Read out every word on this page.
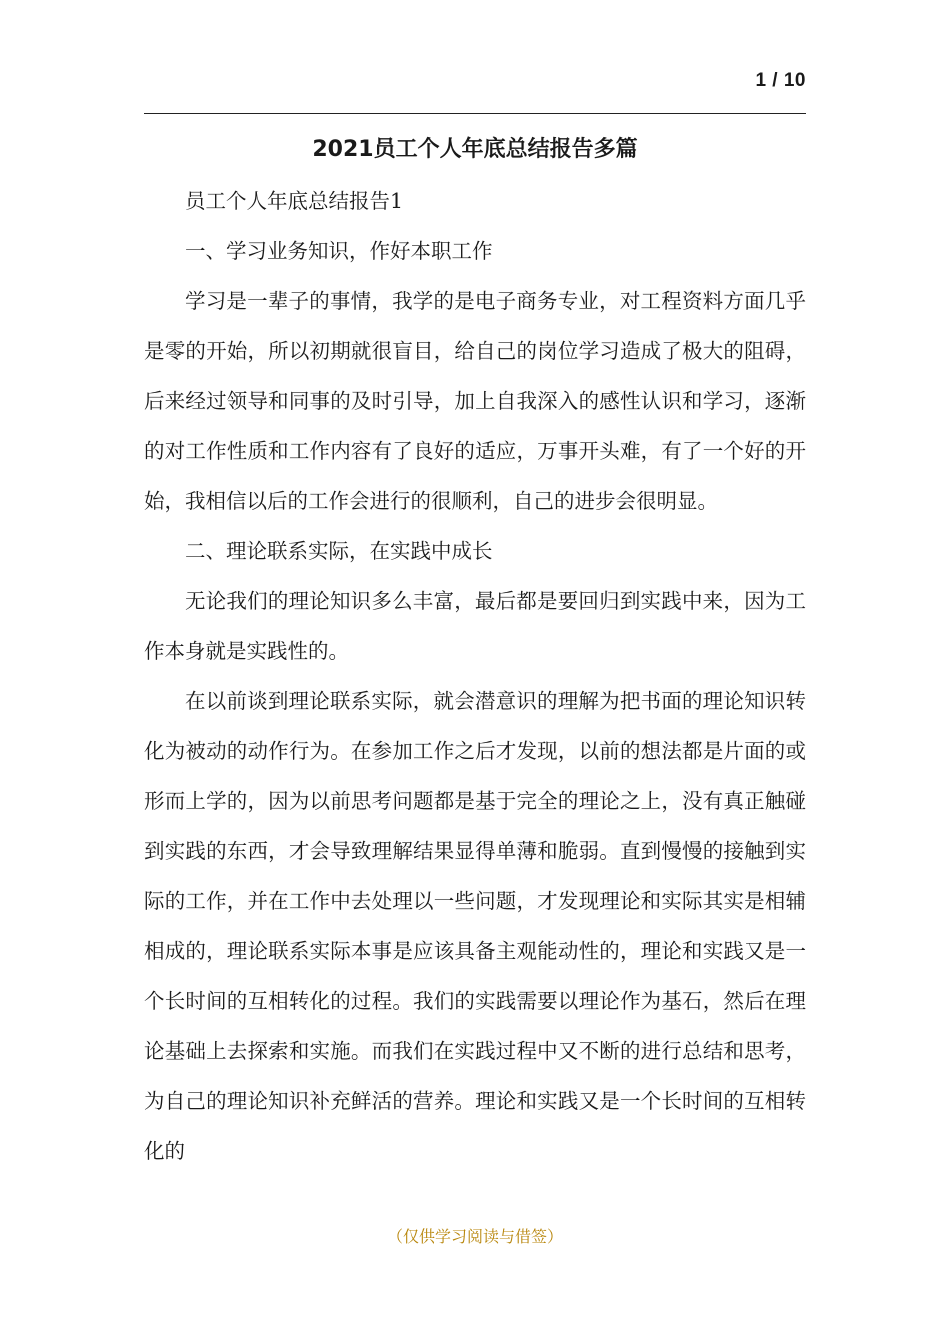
1 / 10
2021员工个人年底总结报告多篇

员工个人年底总结报告1

一、学习业务知识，作好本职工作

学习是一辈子的事情，我学的是电子商务专业，对工程资料方面几乎是零的开始，所以初期就很盲目，给自己的岗位学习造成了极大的阻碍，后来经过领导和同事的及时引导，加上自我深入的感性认识和学习，逐渐的对工作性质和工作内容有了良好的适应，万事开头难，有了一个好的开始，我相信以后的工作会进行的很顺利，自己的进步会很明显。

二、理论联系实际，在实践中成长

无论我们的理论知识多么丰富，最后都是要回归到实践中来，因为工作本身就是实践性的。

在以前谈到理论联系实际，就会潜意识的理解为把书面的理论知识转化为被动的动作行为。在参加工作之后才发现，以前的想法都是片面的或形而上学的，因为以前思考问题都是基于完全的理论之上，没有真正触碰到实践的东西，才会导致理解结果显得单薄和脆弱。直到慢慢的接触到实际的工作，并在工作中去处理以一些问题，才发现理论和实际其实是相辅相成的，理论联系实际本事是应该具备主观能动性的，理论和实践又是一个长时间的互相转化的过程。我们的实践需要以理论作为基石，然后在理论基础上去探索和实施。而我们在实践过程中又不断的进行总结和思考，为自己的理论知识补充鲜活的营养。理论和实践又是一个长时间的互相转化的

（仅供学习阅读与借签）
